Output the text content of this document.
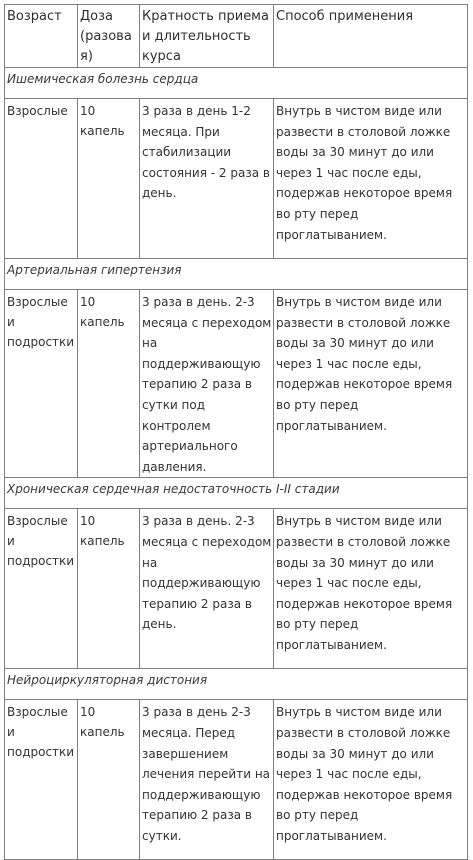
Возраст	Доза (разовая)	Кратность приема и длительность курса	Способ применения
Ишемическая болезнь сердца			
Взрослые	10 капель	3 раза в день 1-2 месяца. При стабилизации состояния - 2 раза в день.	Внутрь в чистом виде или развести в столовой ложке воды за 30 минут до или через 1 час после еды, подержав некоторое время во рту перед проглатыванием.
Артериальная гипертензия			
Взрослые и подростки	10 капель	3 раза в день. 2-3 месяца с переходом на поддерживающую терапию 2 раза в сутки под контролем артериального давления.	Внутрь в чистом виде или развести в столовой ложке воды за 30 минут до или через 1 час после еды, подержав некоторое время во рту перед проглатыванием.
Хроническая сердечная недостаточность I-II стадии			
Взрослые и подростки	10 капель	3 раза в день. 2-3 месяца с переходом на поддерживающую терапию 2 раза в день.	Внутрь в чистом виде или развести в столовой ложке воды за 30 минут до или через 1 час после еды, подержав некоторое время во рту перед проглатыванием.
Нейроциркуляторная дистония			
Взрослые и подростки	10 капель	3 раза в день 2-3 месяца. Перед завершением лечения перейти на поддерживающую терапию 2 раза в сутки.	Внутрь в чистом виде или развести в столовой ложке воды за 30 минут до или через 1 час после еды, подержав некоторое время во рту перед проглатыванием.
